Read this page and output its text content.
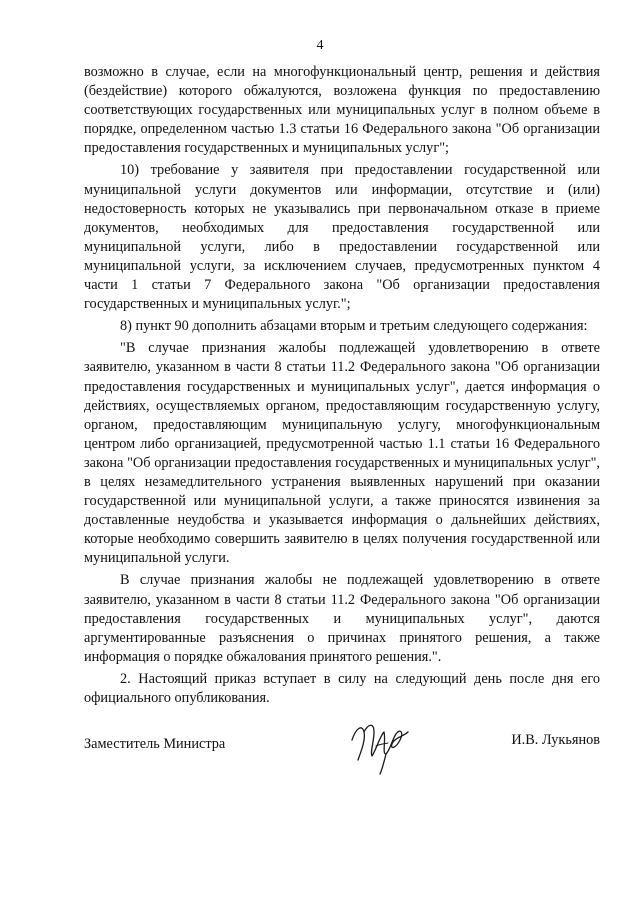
4

возможно в случае, если на многофункциональный центр, решения и действия (бездействие) которого обжалуются, возложена функция по предоставлению соответствующих государственных или муниципальных услуг в полном объеме в порядке, определенном частью 1.3 статьи 16 Федерального закона "Об организации предоставления государственных и муниципальных услуг";

10) требование у заявителя при предоставлении государственной или муниципальной услуги документов или информации, отсутствие и (или) недостоверность которых не указывались при первоначальном отказе в приеме документов, необходимых для предоставления государственной или муниципальной услуги, либо в предоставлении государственной или муниципальной услуги, за исключением случаев, предусмотренных пунктом 4 части 1 статьи 7 Федерального закона "Об организации предоставления государственных и муниципальных услуг.";

8) пункт 90 дополнить абзацами вторым и третьим следующего содержания:

"В случае признания жалобы подлежащей удовлетворению в ответе заявителю, указанном в части 8 статьи 11.2 Федерального закона "Об организации предоставления государственных и муниципальных услуг", дается информация о действиях, осуществляемых органом, предоставляющим государственную услугу, органом, предоставляющим муниципальную услугу, многофункциональным центром либо организацией, предусмотренной частью 1.1 статьи 16 Федерального закона "Об организации предоставления государственных и муниципальных услуг", в целях незамедлительного устранения выявленных нарушений при оказании государственной или муниципальной услуги, а также приносятся извинения за доставленные неудобства и указывается информация о дальнейших действиях, которые необходимо совершить заявителю в целях получения государственной или муниципальной услуги.

В случае признания жалобы не подлежащей удовлетворению в ответе заявителю, указанном в части 8 статьи 11.2 Федерального закона "Об организации предоставления государственных и муниципальных услуг", даются аргументированные разъяснения о причинах принятого решения, а также информация о порядке обжалования принятого решения.".

2. Настоящий приказ вступает в силу на следующий день после дня его официального опубликования.

Заместитель Министра	И.В. Лукьянов
